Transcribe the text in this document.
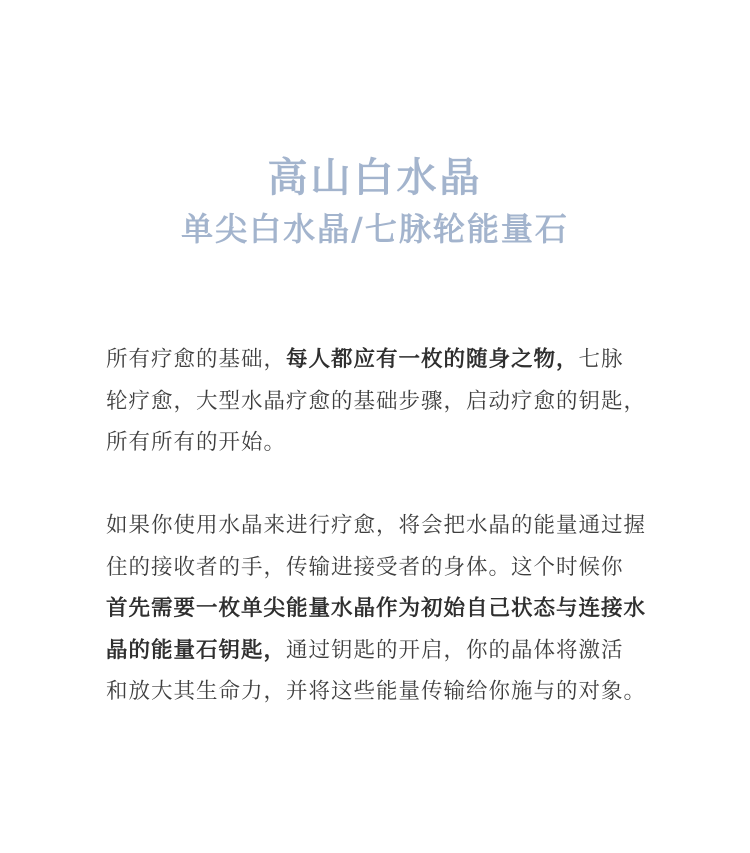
高山白水晶
单尖白水晶/七脉轮能量石

所有疗愈的基础，每人都应有一枚的随身之物，七脉轮疗愈，大型水晶疗愈的基础步骤，启动疗愈的钥匙，所有所有的开始。

如果你使用水晶来进行疗愈，将会把水晶的能量通过握住的接收者的手，传输进接受者的身体。这个时候你首先需要一枚单尖能量水晶作为初始自己状态与连接水晶的能量石钥匙，通过钥匙的开启，你的晶体将激活和放大其生命力，并将这些能量传输给你施与的对象。
